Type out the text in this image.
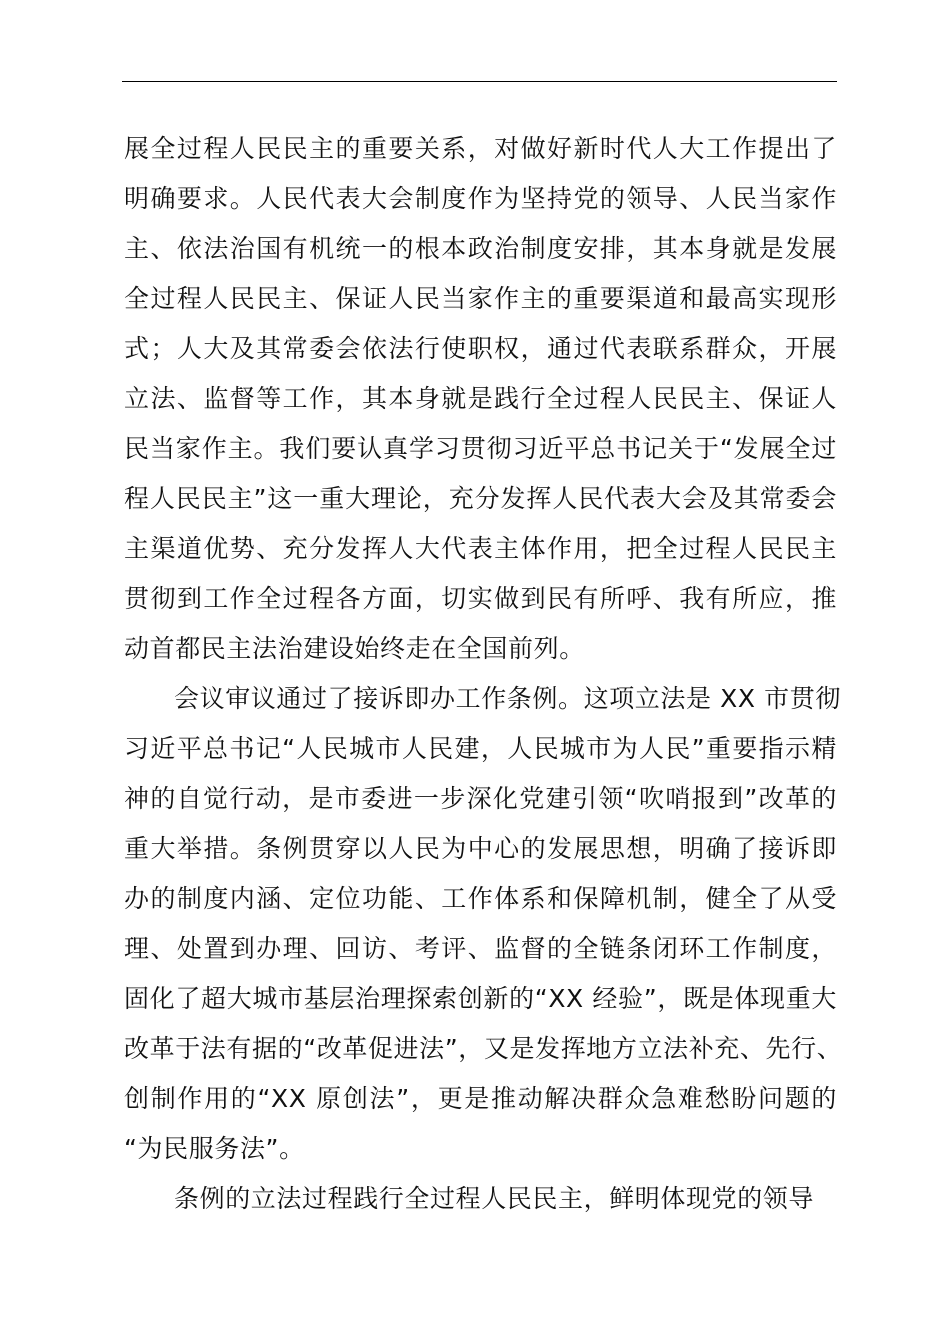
展全过程人民民主的重要关系，对做好新时代人大工作提出了
明确要求。人民代表大会制度作为坚持党的领导、人民当家作
主、依法治国有机统一的根本政治制度安排，其本身就是发展
全过程人民民主、保证人民当家作主的重要渠道和最高实现形
式；人大及其常委会依法行使职权，通过代表联系群众，开展
立法、监督等工作，其本身就是践行全过程人民民主、保证人
民当家作主。我们要认真学习贯彻习近平总书记关于“发展全过
程人民民主”这一重大理论，充分发挥人民代表大会及其常委会
主渠道优势、充分发挥人大代表主体作用，把全过程人民民主
贯彻到工作全过程各方面，切实做到民有所呼、我有所应，推
动首都民主法治建设始终走在全国前列。
会议审议通过了接诉即办工作条例。这项立法是 XX 市贯彻
习近平总书记“人民城市人民建，人民城市为人民”重要指示精
神的自觉行动，是市委进一步深化党建引领“吹哨报到”改革的
重大举措。条例贯穿以人民为中心的发展思想，明确了接诉即
办的制度内涵、定位功能、工作体系和保障机制，健全了从受
理、处置到办理、回访、考评、监督的全链条闭环工作制度，
固化了超大城市基层治理探索创新的“XX 经验”，既是体现重大
改革于法有据的“改革促进法”，又是发挥地方立法补充、先行、
创制作用的“XX 原创法”，更是推动解决群众急难愁盼问题的
“为民服务法”。
条例的立法过程践行全过程人民民主，鲜明体现党的领导
